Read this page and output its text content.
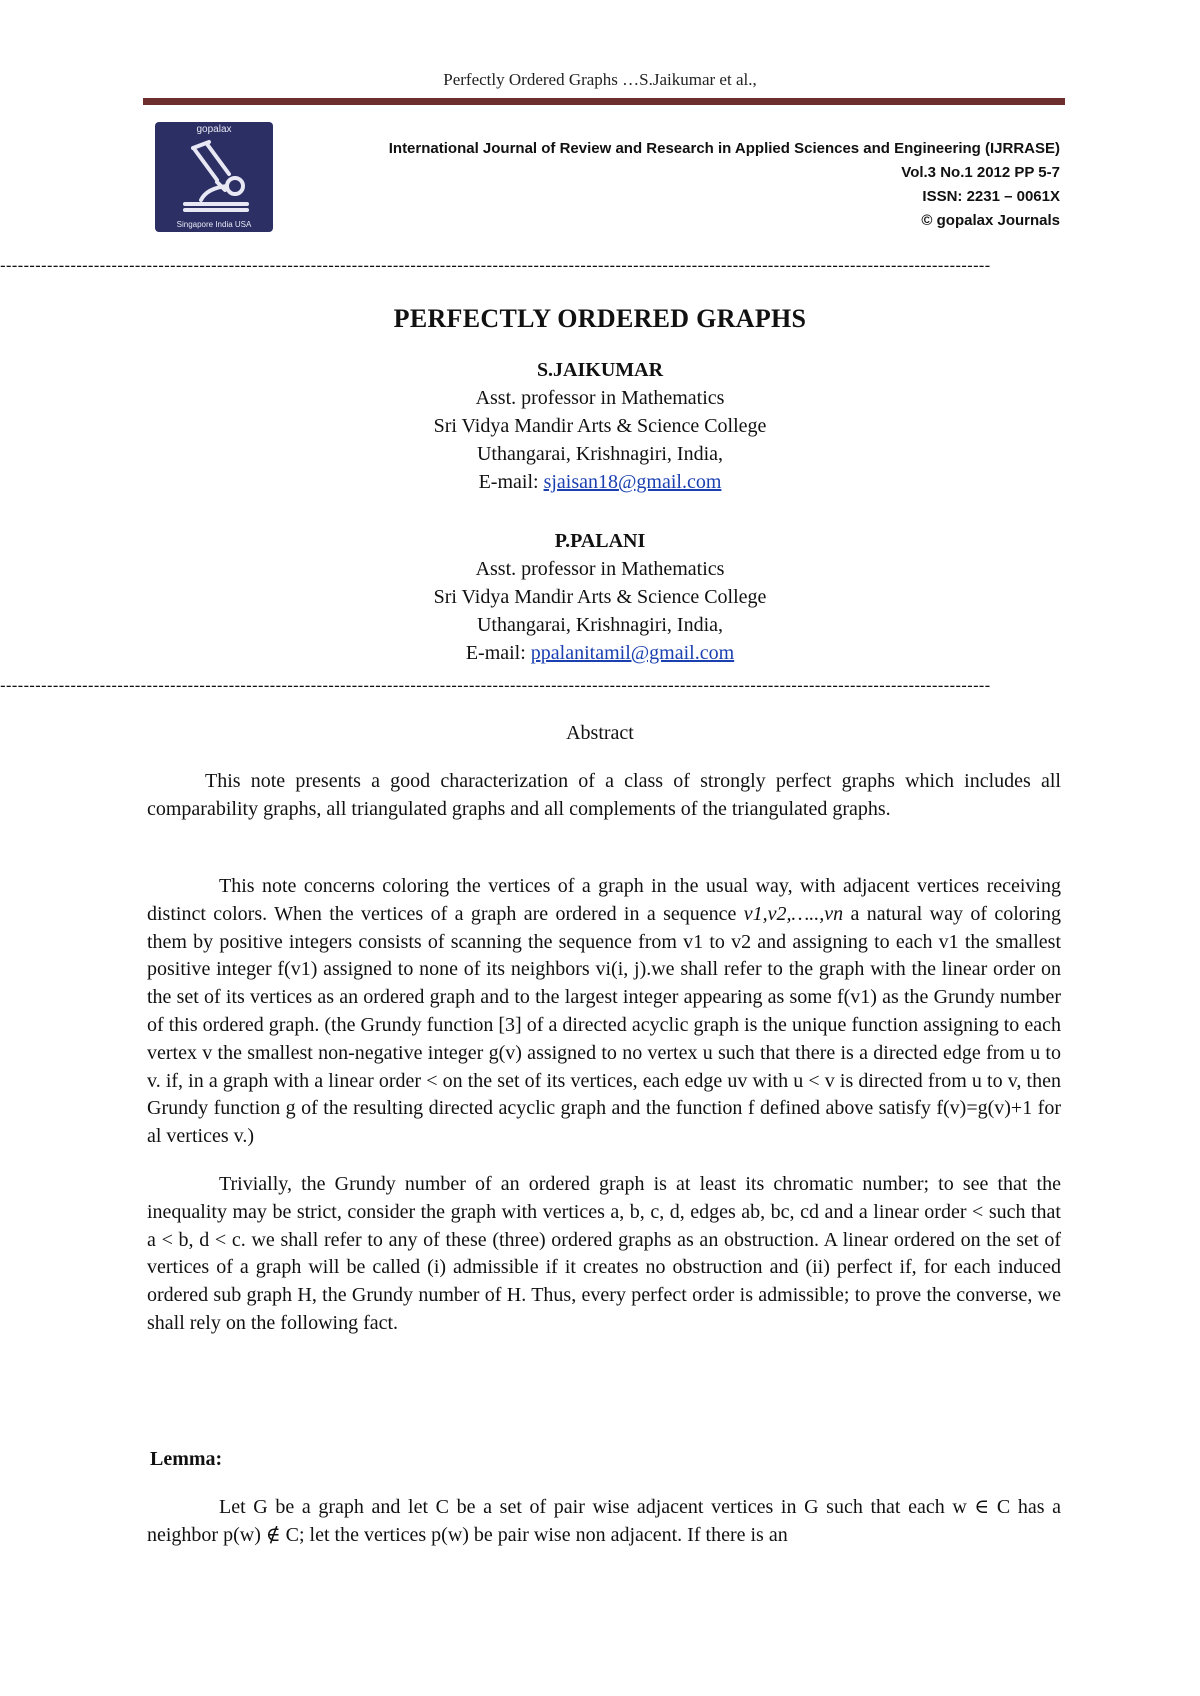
Perfectly Ordered Graphs …S.Jaikumar et al.,
gopalax
Singapore India USA
International Journal of Review and Research in Applied Sciences and Engineering (IJRRASE)
Vol.3 No.1 2012 PP 5-7
ISSN: 2231 – 0061X
© gopalax Journals
-------------------------------------------------------------------------------------------------------------------------------------------------------------------------
PERFECTLY ORDERED GRAPHS
S.JAIKUMAR
Asst. professor in Mathematics
Sri Vidya Mandir Arts & Science College
Uthangarai, Krishnagiri, India,
E-mail: sjaisan18@gmail.com
P.PALANI
Asst. professor in Mathematics
Sri Vidya Mandir Arts & Science College
Uthangarai, Krishnagiri, India,
E-mail: ppalanitamil@gmail.com
-------------------------------------------------------------------------------------------------------------------------------------------------------------------------
Abstract

This note presents a good characterization of a class of strongly perfect graphs which includes all comparability graphs, all triangulated graphs and all complements of the triangulated graphs.

This note concerns coloring the vertices of a graph in the usual way, with adjacent vertices receiving distinct colors. When the vertices of a graph are ordered in a sequence v1,v2,…..,vn a natural way of coloring them by positive integers consists of scanning the sequence from v1 to v2 and assigning to each v1 the smallest positive integer f(v1) assigned to none of its neighbors vi(i, j).we shall refer to the graph with the linear order on the set of its vertices as an ordered graph and to the largest integer appearing as some f(v1) as the Grundy number of this ordered graph. (the Grundy function [3] of a directed acyclic graph is the unique function assigning to each vertex v the smallest non-negative integer g(v) assigned to no vertex u such that there is a directed edge from u to v. if, in a graph with a linear order < on the set of its vertices, each edge uv with u < v is directed from u to v, then Grundy function g of the resulting directed acyclic graph and the function f defined above satisfy f(v)=g(v)+1 for al vertices v.)

Trivially, the Grundy number of an ordered graph is at least its chromatic number; to see that the inequality may be strict, consider the graph with vertices a, b, c, d, edges ab, bc, cd and a linear order < such that a < b, d < c. we shall refer to any of these (three) ordered graphs as an obstruction. A linear ordered on the set of vertices of a graph will be called (i) admissible if it creates no obstruction and (ii) perfect if, for each induced ordered sub graph H, the Grundy number of H. Thus, every perfect order is admissible; to prove the converse, we shall rely on the following fact.

Lemma:

Let G be a graph and let C be a set of pair wise adjacent vertices in G such that each w ∈ C has a neighbor p(w) ∉ C; let the vertices p(w) be pair wise non adjacent. If there is an
